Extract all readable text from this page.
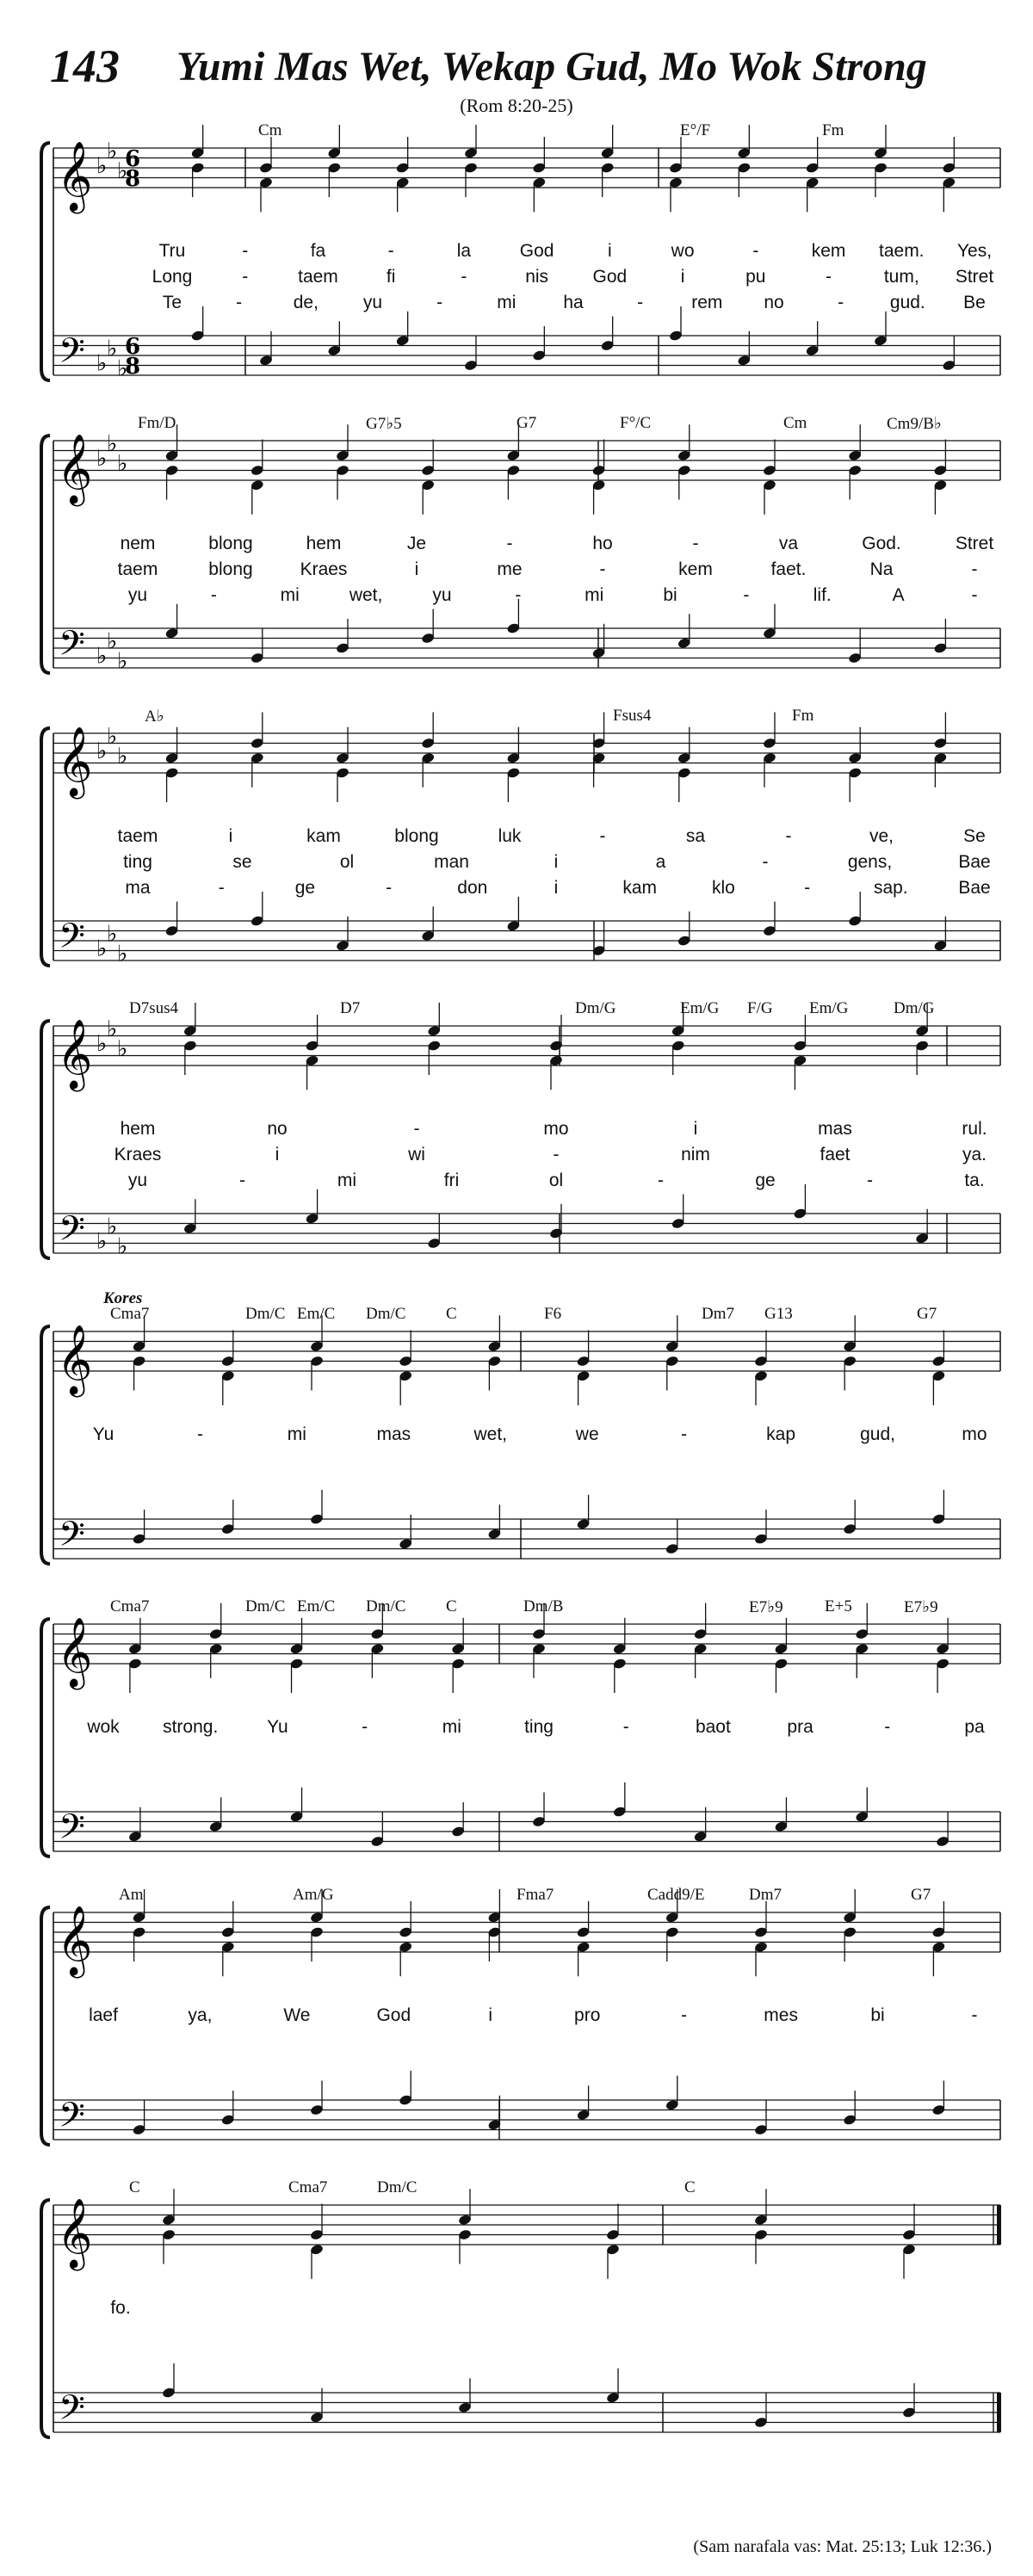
143 Yumi Mas Wet, Wekap Gud, Mo Wok Strong
(Rom 8:20-25)
𝄞
𝄢
♭
♭
♭
♭
♭
♭
6
8
6
8
Cm	E°/F	Fm
Tru	-	fa	-	la	God	i	wo	-	kem taem. Yes,
Long	-	taem	fi	-	nis God	i	pu	-	tum, Stret
Te	-	de, yu	-	mi	ha	-	rem no	-	gud. Be
𝄞
𝄢
♭
♭
♭
♭
♭
♭
Fm/D	G7♭5	G7	F°/C	Cm	Cm9/B♭
nem	blong	hem	Je	-	ho	-	va	God.	Stret
taem	blong	Kraes	i	me	-	kem	faet.	Na	-
yu	-	mi	wet,	yu	-	mi	bi	-	lif.	A	-
𝄞
𝄢
♭
♭
♭
♭
♭
♭
A♭	Fsus4	Fm
taem	i	kam	blong	luk	-	sa	-	ve,	Se
ting	se	ol	man	i	a	-	gens,	Bae
ma	-	ge	-	don	i	kam	klo	-	sap.	Bae
𝄞
𝄢
♭
♭
♭
♭
♭
♭
D7sus4	D7	Dm/G	Em/G F/G Em/G	Dm/G
hem	no	-	mo	i	mas	rul.
Kraes	i	wi	-	nim	faet	ya.
yu	-	mi	fri	ol	-	ge	-	ta.
𝄞
𝄢
Kores
Cma7	Dm/C Em/C Dm/C C	F6	Dm7 G13	G7
Yu	-	mi	mas	wet,	we	-	kap	gud,	mo
𝄞
𝄢
Cma7	Dm/C Em/C Dm/C C	Dm/B	E7♭9	E+5	E7♭9
wok strong.	Yu	-	mi	ting	-	baot	pra	-	pa
𝄞
𝄢
Am	Am/G	Fma7	Cadd9/E	Dm7	G7
laef	ya,	We	God	i	pro	-	mes	bi	-
𝄞
𝄢
C	Cma7	Dm/C	C
fo.
(Sam narafala vas: Mat. 25:13; Luk 12:36.)
